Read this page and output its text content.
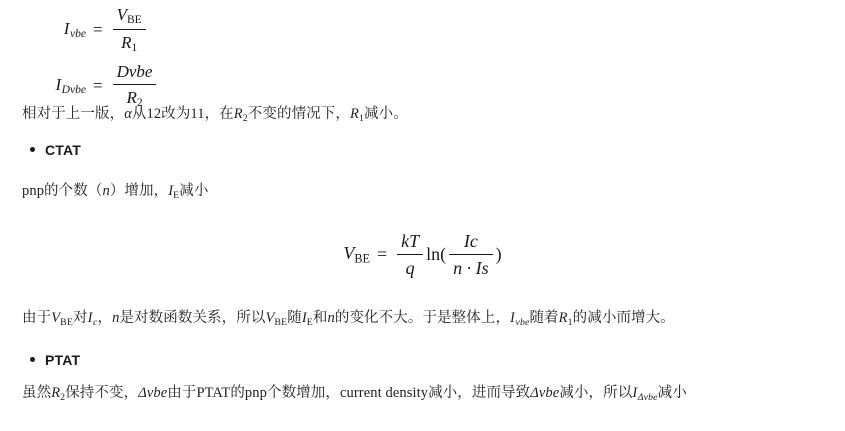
$I_{vbe} = \frac{\text{VBE}}{R1}$
$I_{Dvbe} = \frac{\text{Dvbe}}{R2}$
相对于上一版，α从12改为11，在R2不变的情况下，R1减小。
CTAT
pnp的个数（n）增加，IE减小
VBE = $\frac{kT}{q} \ln( \frac{Ic}{n \cdot Is}$ )
由于VBE对$I_c$，n是对数函数关系，所以VBE随IE和n的变化不大。于是整体上，$I_{vbe}$随着R1的减小而增大。
PTAT
虽然R2保持不变，Δvbe由于PTAT的pnp个数增加，current density减小，进而导致Δvbe减小，所以$I_{\Delta vbe}$减小
